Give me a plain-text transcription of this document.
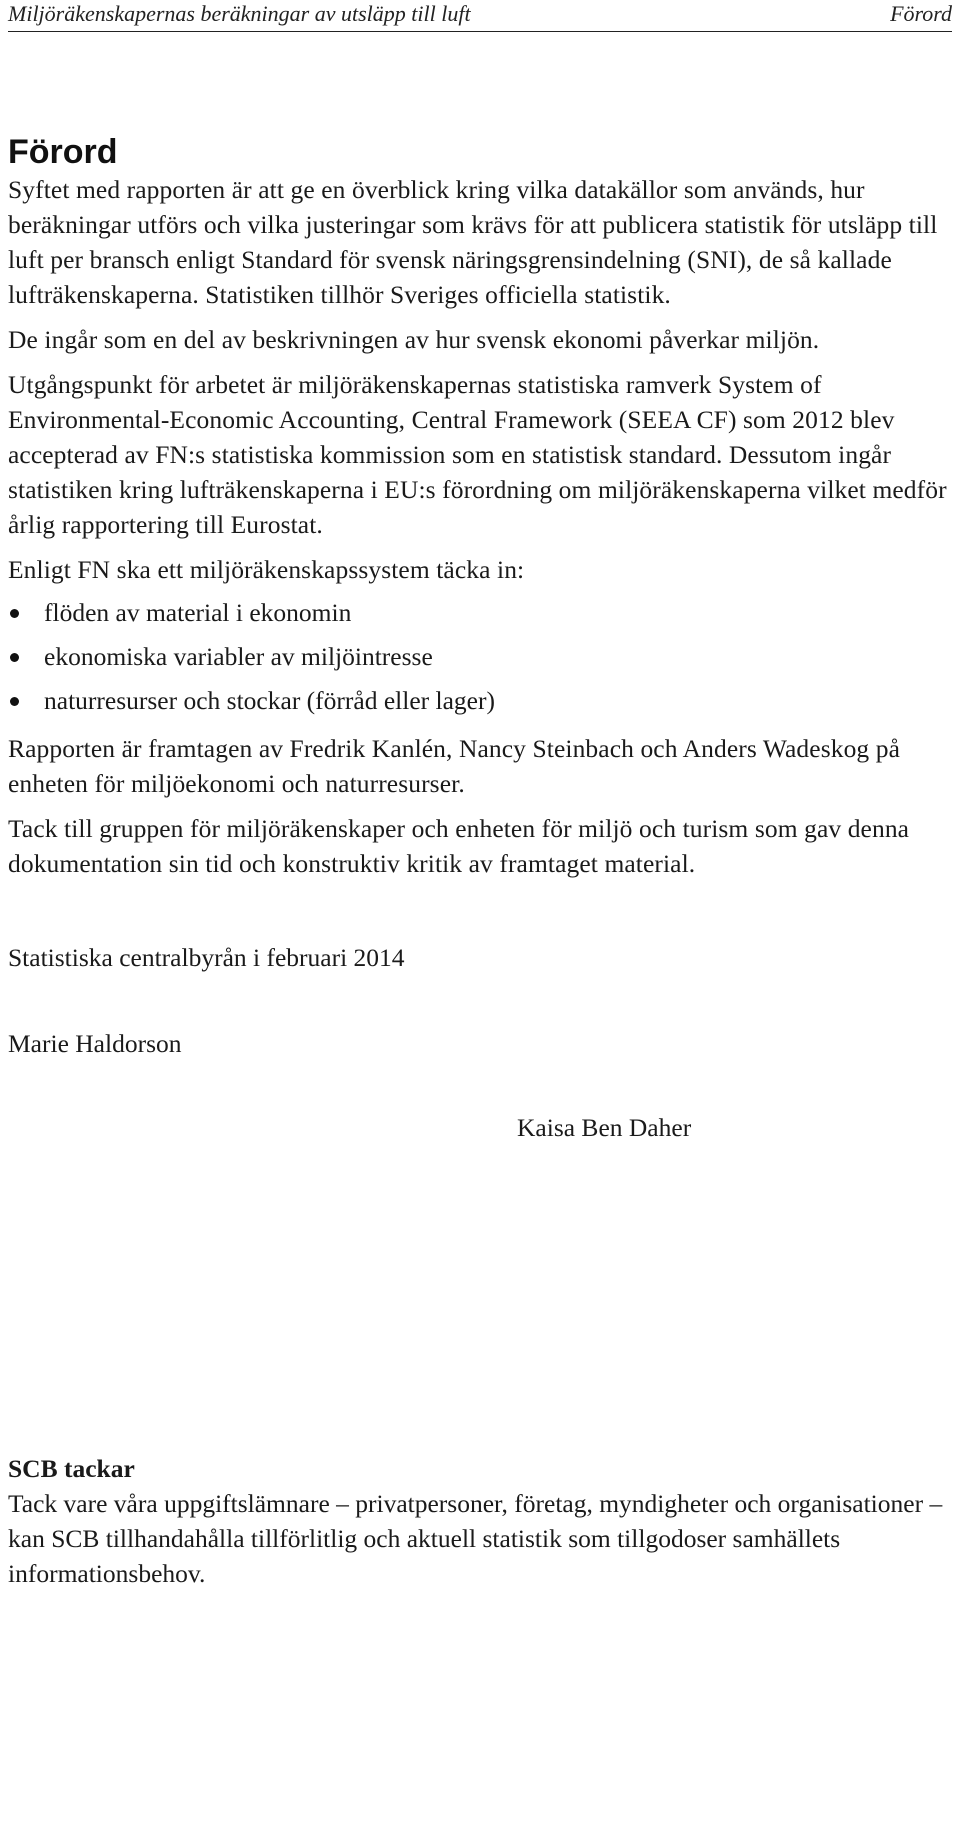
Miljöräkenskapernas beräkningar av utsläpp till luft	Förord
Förord

Syftet med rapporten är att ge en överblick kring vilka datakällor som används, hur beräkningar utförs och vilka justeringar som krävs för att publicera statistik för utsläpp till luft per bransch enligt Standard för svensk näringsgrensindelning (SNI), de så kallade lufträkenskaperna. Statistiken tillhör Sveriges officiella statistik.

De ingår som en del av beskrivningen av hur svensk ekonomi påverkar miljön.

Utgångspunkt för arbetet är miljöräkenskapernas statistiska ramverk System of Environmental-Economic Accounting, Central Framework (SEEA CF) som 2012 blev accepterad av FN:s statistiska kommission som en statistisk standard. Dessutom ingår statistiken kring lufträkenskaperna i EU:s förordning om miljöräkenskaperna vilket medför årlig rapportering till Eurostat.

Enligt FN ska ett miljöräkenskapssystem täcka in:

flöden av material i ekonomin
ekonomiska variabler av miljöintresse
naturresurser och stockar (förråd eller lager)

Rapporten är framtagen av Fredrik Kanlén, Nancy Steinbach och Anders Wadeskog på enheten för miljöekonomi och naturresurser.

Tack till gruppen för miljöräkenskaper och enheten för miljö och turism som gav denna dokumentation sin tid och konstruktiv kritik av framtaget material.

Statistiska centralbyrån i februari 2014
Marie Haldorson
Kaisa Ben Daher

SCB tackar

Tack vare våra uppgiftslämnare – privatpersoner, företag, myndigheter och organisationer – kan SCB tillhandahålla tillförlitlig och aktuell statistik som tillgodoser samhällets informationsbehov.
